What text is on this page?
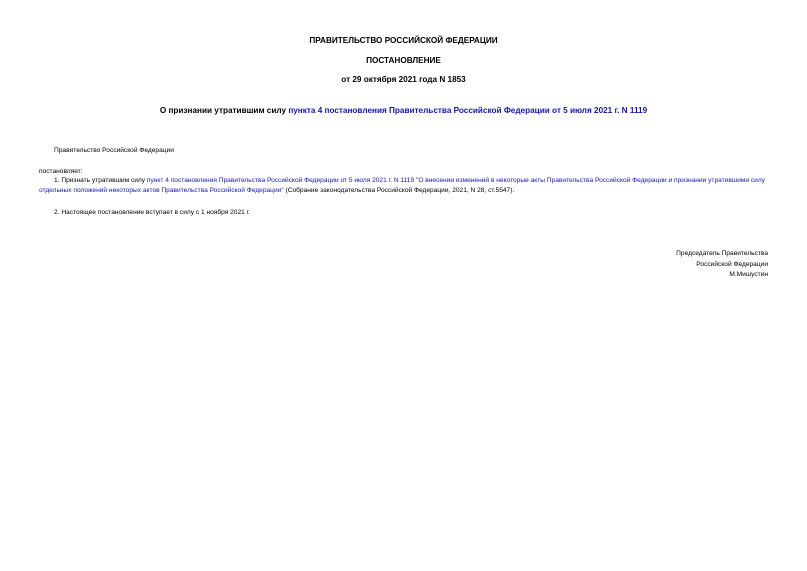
ПРАВИТЕЛЬСТВО РОССИЙСКОЙ ФЕДЕРАЦИИ
ПОСТАНОВЛЕНИЕ
от 29 октября 2021 года N 1853
О признании утратившим силу пункта 4 постановления Правительства Российской Федерации от 5 июля 2021 г. N 1119
Правительство Российской Федерации
постановляет:
1. Признать утратившим силу пункт 4 постановления Правительства Российской Федерации от 5 июля 2021 г. N 1119 "О внесении изменений в некоторые акты Правительства Российской Федерации и признании утратившими силу отдельных положений некоторых актов Правительства Российской Федерации" (Собрание законодательства Российской Федерации, 2021, N 28, ст.5547).
2. Настоящее постановление вступает в силу с 1 ноября 2021 г.
Председатель Правительства
Российской Федерации
М.Мишустин
